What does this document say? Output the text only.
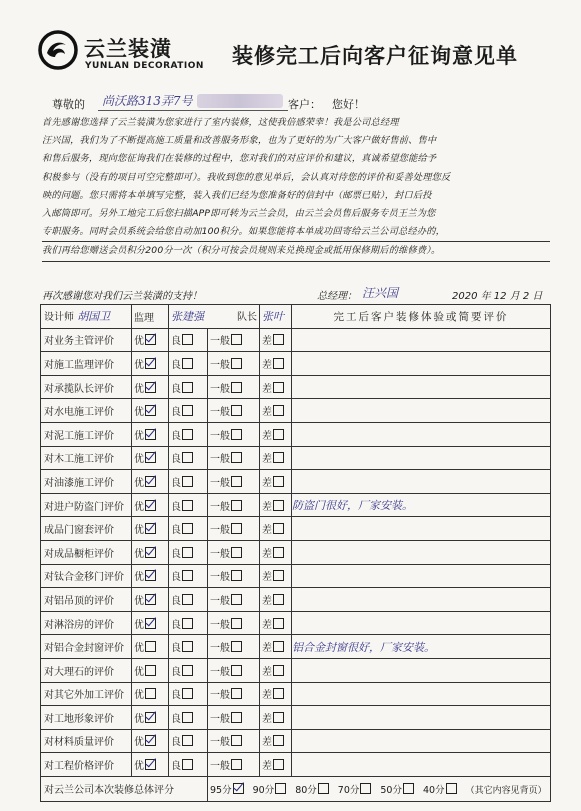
云兰装潢
YUNLAN DECORATION 装修完工后向客户征询意见单
尊敬的 尚沃路313弄7号	客户： 您好！

首先感谢您选择了云兰装潢为您家进行了室内装修，这使我倍感荣幸！我是公司总经理

汪兴国，我们为了不断提高施工质量和改善服务形象，也为了更好的为广大客户做好售前、售中

和售后服务，现向您征询我们在装修的过程中，您对我们的对应评价和建议，真诚希望您能给予

积极参与（没有的项目可空完整即可）。我收到您的意见单后，会认真对待您的评价和妥善处理您反

映的问题。您只需将本单填写完整，装入我们已经为您准备好的信封中（邮票已贴），封口后投

入邮筒即可。另外工地完工后您扫描APP即可转为云兰会员，由云兰会员售后服务专员王兰为您

专职服务。同时会员系统会给您自动加100积分。如果您能将本单成功回寄给云兰公司总经办的，

我们再给您赠送会员积分200分一次（积分可按会员规则来兑换现金或抵用保修期后的维修费）。

再次感谢您对我们云兰装潢的支持！	总经理： 汪兴国	2020 年 12 月 2 日
设计师 胡国卫	监理	张建强 队长		张叶	完工后客户装修体验或简要评价
对业务主管评价	优	良	一般	差	
对施工监理评价	优	良	一般	差	
对承揽队长评价	优	良	一般	差	
对水电施工评价	优	良	一般	差	
对泥工施工评价	优	良	一般	差	
对木工施工评价	优	良	一般	差	
对油漆施工评价	优	良	一般	差	
对进户防盗门评价	优	良	一般	差	防盗门很好，厂家安装。
成品门窗套评价	优	良	一般	差	
对成品橱柜评价	优	良	一般	差	
对钛合金移门评价	优	良	一般	差	
对铝吊顶的评价	优	良	一般	差	
对淋浴房的评价	优	良	一般	差	
对铝合金封窗评价	优	良	一般	差	铝合金封窗很好，厂家安装。
对大理石的评价	优	良	一般	差	
对其它外加工评价	优	良	一般	差	
对工地形象评价	优	良	一般	差	
对材料质量评价	优	良	一般	差	
对工程价格评价	优	良	一般	差	
对云兰公司本次装修总体评分			95分 90分 80分 70分 50分 40分 （其它内容见背页）		
